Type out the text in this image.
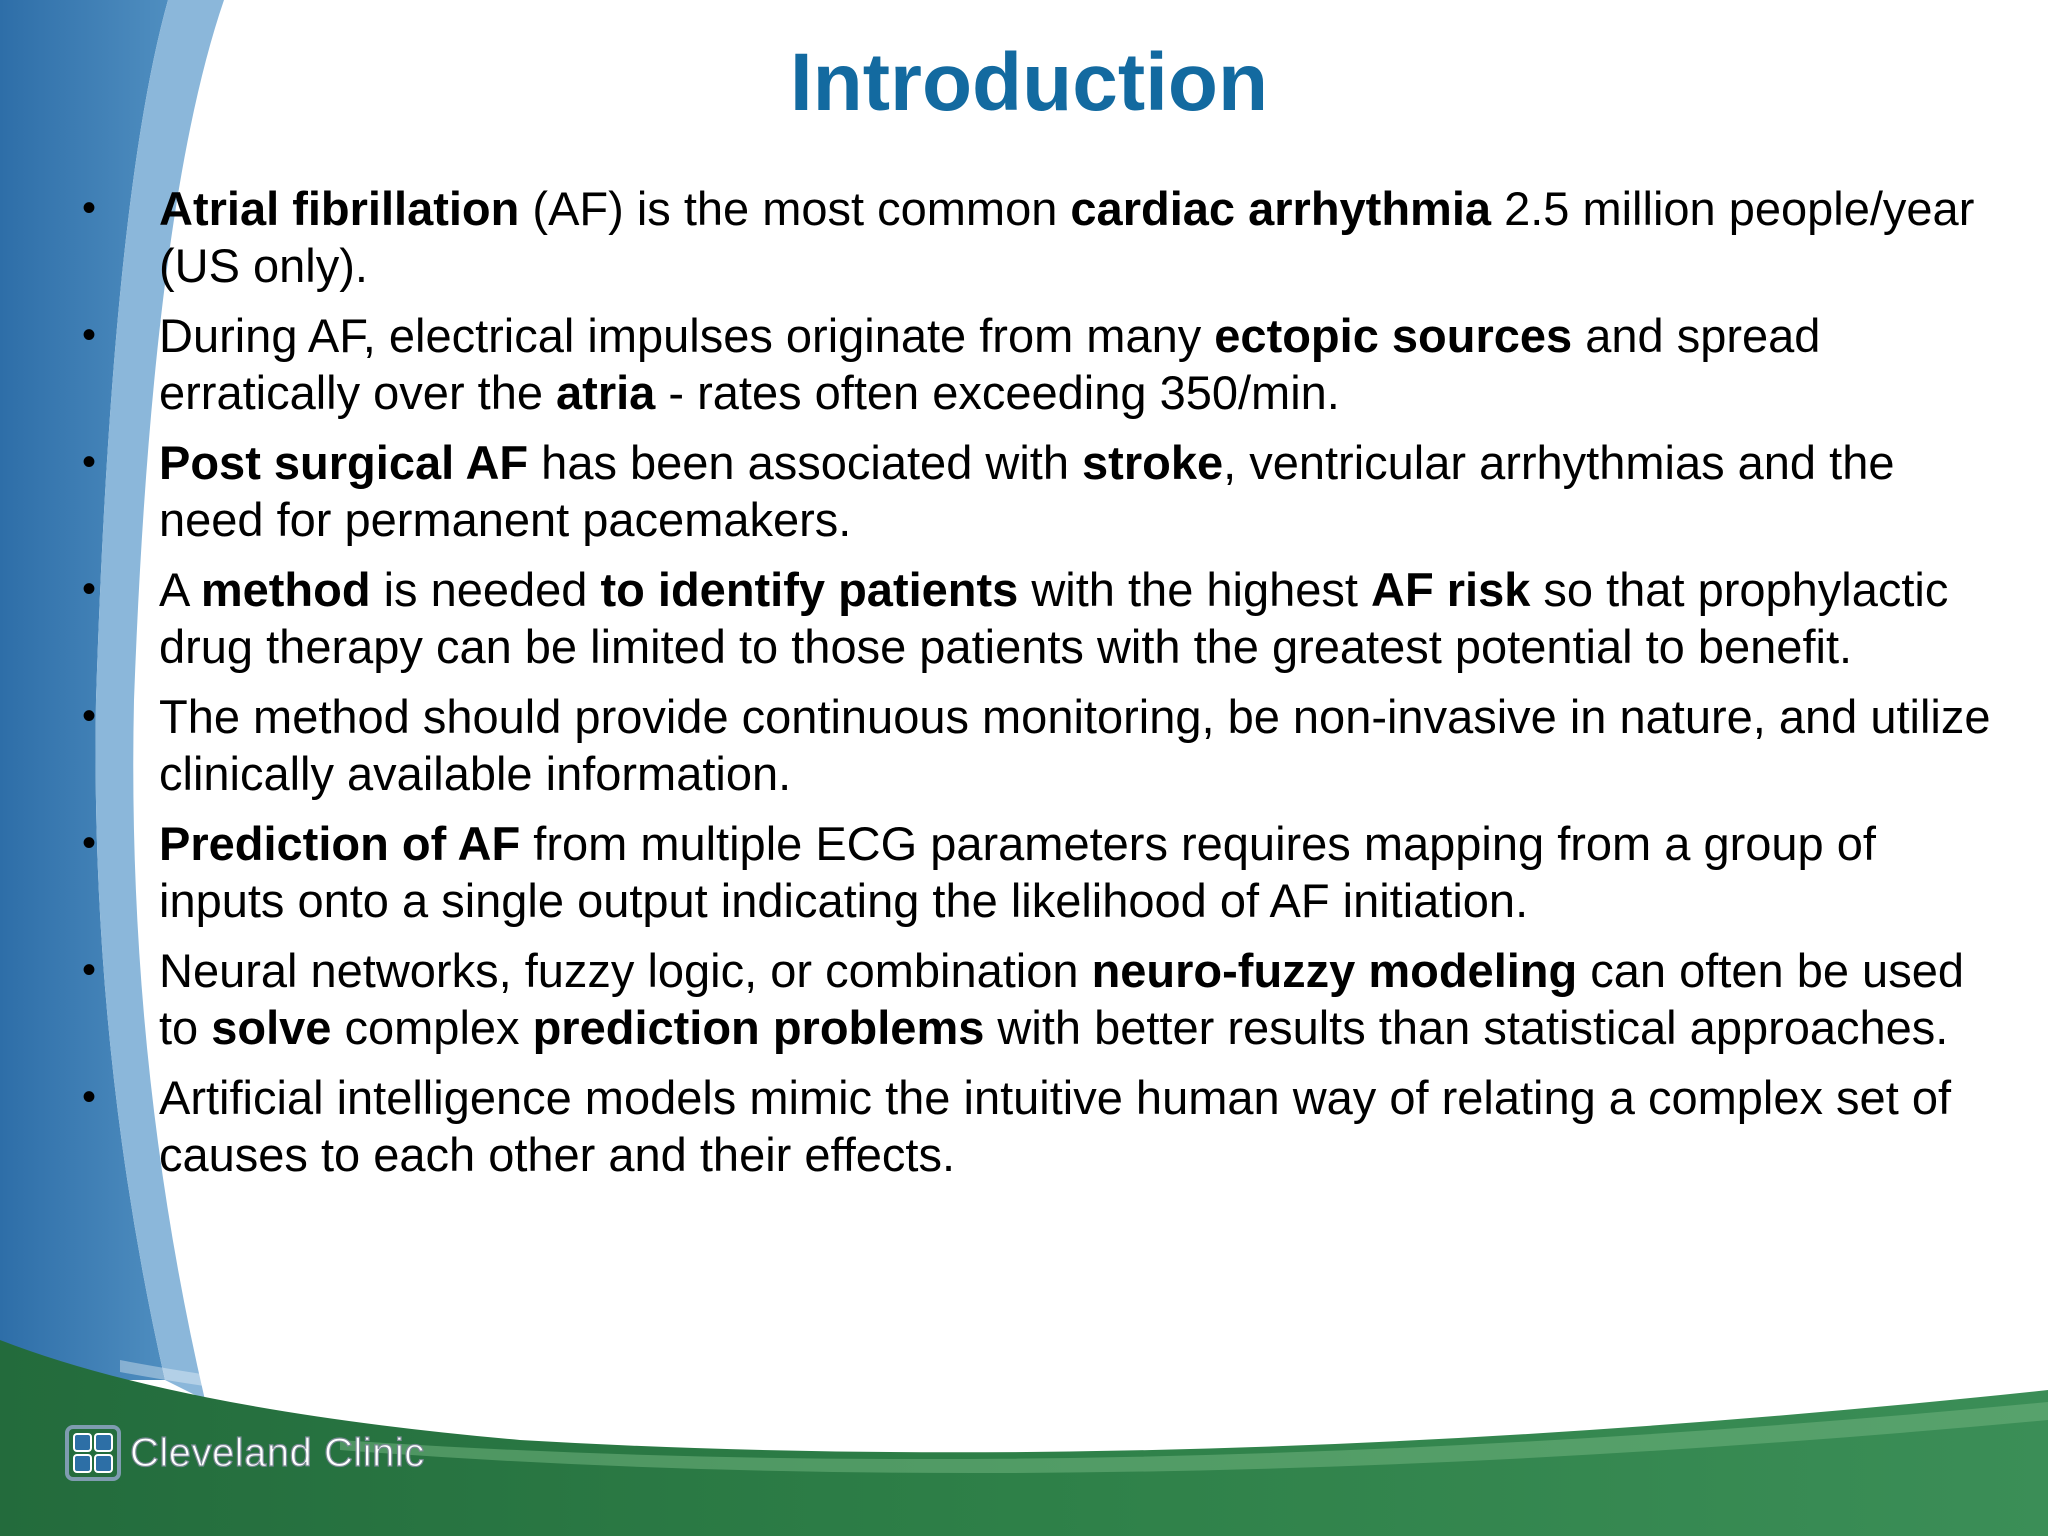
Introduction
•	Atrial fibrillation (AF) is the most common cardiac arrhythmia 2.5 million people/year (US only).
•	During AF, electrical impulses originate from many ectopic sources and spread erratically over the atria - rates often exceeding 350/min.
•	Post surgical AF has been associated with stroke, ventricular arrhythmias and the need for permanent pacemakers.
•	A method is needed to identify patients with the highest AF risk so that prophylactic drug therapy can be limited to those patients with the greatest potential to benefit.
•	The method should provide continuous monitoring, be non-invasive in nature, and utilize clinically available information.
•	Prediction of AF from multiple ECG parameters requires mapping from a group of inputs onto a single output indicating the likelihood of AF initiation.
•	Neural networks, fuzzy logic, or combination neuro-fuzzy modeling can often be used to solve complex prediction problems with better results than statistical approaches.
•	Artificial intelligence models mimic the intuitive human way of relating a complex set of causes to each other and their effects.
Cleveland Clinic
